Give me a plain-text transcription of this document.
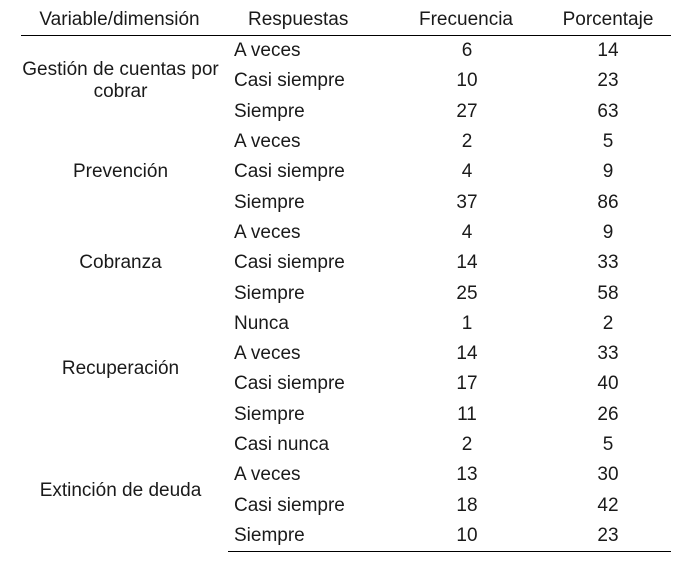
Variable/dimensión	Respuestas	Frecuencia	Porcentaje
Gestión de cuentas por cobrar	A veces	6	14
	Casi siempre	10	23
	Siempre	27	63
Prevención	A veces	2	5
	Casi siempre	4	9
	Siempre	37	86
Cobranza	A veces	4	9
	Casi siempre	14	33
	Siempre	25	58
Recuperación	Nunca	1	2
	A veces	14	33
	Casi siempre	17	40
	Siempre	11	26
Extinción de deuda	Casi nunca	2	5
	A veces	13	30
	Casi siempre	18	42
	Siempre	10	23
